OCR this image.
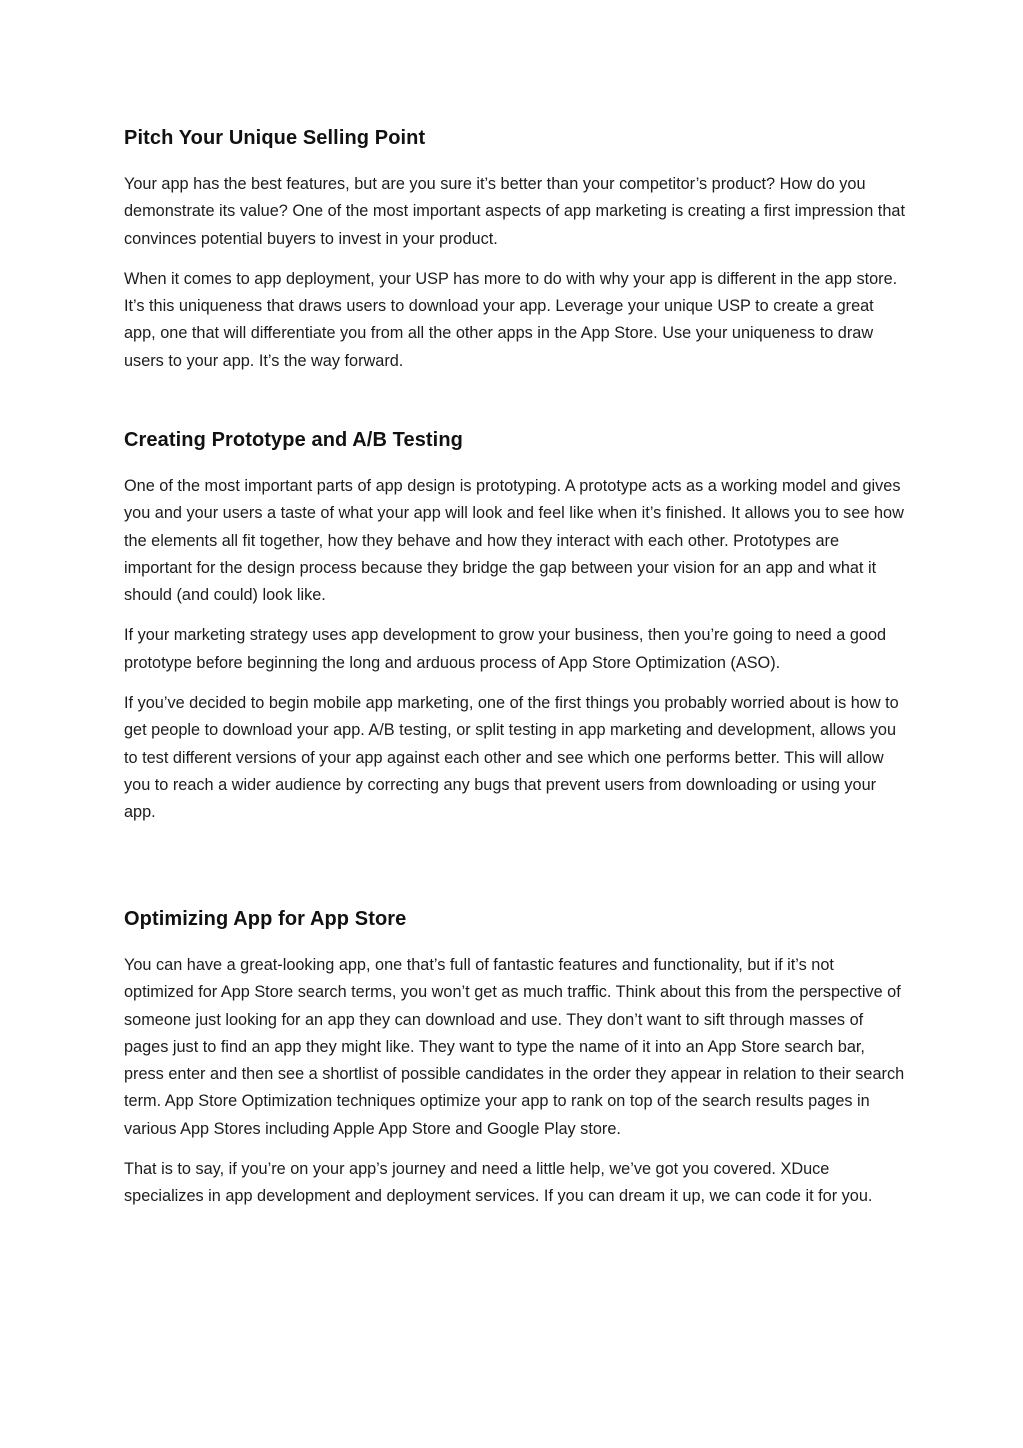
Pitch Your Unique Selling Point

Your app has the best features, but are you sure it’s better than your competitor’s product? How do you demonstrate its value? One of the most important aspects of app marketing is creating a first impression that convinces potential buyers to invest in your product.

When it comes to app deployment, your USP has more to do with why your app is different in the app store. It’s this uniqueness that draws users to download your app. Leverage your unique USP to create a great app, one that will differentiate you from all the other apps in the App Store. Use your uniqueness to draw users to your app. It’s the way forward.

Creating Prototype and A/B Testing

One of the most important parts of app design is prototyping. A prototype acts as a working model and gives you and your users a taste of what your app will look and feel like when it’s finished. It allows you to see how the elements all fit together, how they behave and how they interact with each other. Prototypes are important for the design process because they bridge the gap between your vision for an app and what it should (and could) look like.

If your marketing strategy uses app development to grow your business, then you’re going to need a good prototype before beginning the long and arduous process of App Store Optimization (ASO).

If you’ve decided to begin mobile app marketing, one of the first things you probably worried about is how to get people to download your app. A/B testing, or split testing in app marketing and development, allows you to test different versions of your app against each other and see which one performs better. This will allow you to reach a wider audience by correcting any bugs that prevent users from downloading or using your app.

Optimizing App for App Store

You can have a great-looking app, one that’s full of fantastic features and functionality, but if it’s not optimized for App Store search terms, you won’t get as much traffic. Think about this from the perspective of someone just looking for an app they can download and use. They don’t want to sift through masses of pages just to find an app they might like. They want to type the name of it into an App Store search bar, press enter and then see a shortlist of possible candidates in the order they appear in relation to their search term. App Store Optimization techniques optimize your app to rank on top of the search results pages in various App Stores including Apple App Store and Google Play store.

That is to say, if you’re on your app’s journey and need a little help, we’ve got you covered. XDuce specializes in app development and deployment services. If you can dream it up, we can code it for you.
